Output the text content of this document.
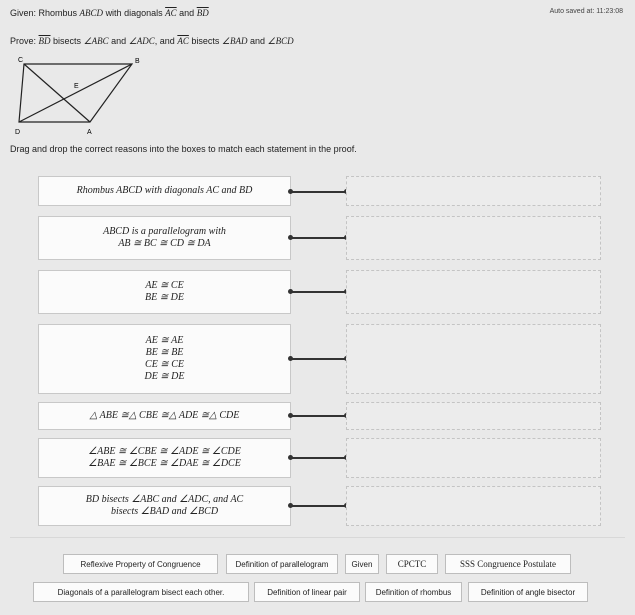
Given: Rhombus ABCD with diagonals $\overline{AC}$ and $\overline{BD}$	Auto saved at: 11:23:08
Prove: $\overline{BD}$ bisects ∠ABC and ∠ADC, and $\overline{AC}$ bisects ∠BAD and ∠BCD
C	B
E
D	A
Drag and drop the correct reasons into the boxes to match each statement in the proof.
Rhombus ABCD with diagonals AC and BD
ABCD is a parallelogram with
AB ≅ BC ≅ CD ≅ DA
AE ≅ CE
BE ≅ DE
AE ≅ AE
BE ≅ BE
CE ≅ CE
DE ≅ DE
△ ABE ≅△ CBE ≅△ ADE ≅△ CDE
∠ABE ≅ ∠CBE ≅ ∠ADE ≅ ∠CDE
∠BAE ≅ ∠BCE ≅ ∠DAE ≅ ∠DCE
BD bisects ∠ABC and ∠ADC, and AC
bisects ∠BAD and ∠BCD
Reflexive Property of Congruence	Definition of parallelogram	Given	CPCTC	SSS Congruence Postulate
Diagonals of a parallelogram bisect each other.	Definition of linear pair	Definition of rhombus	Definition of angle bisector
